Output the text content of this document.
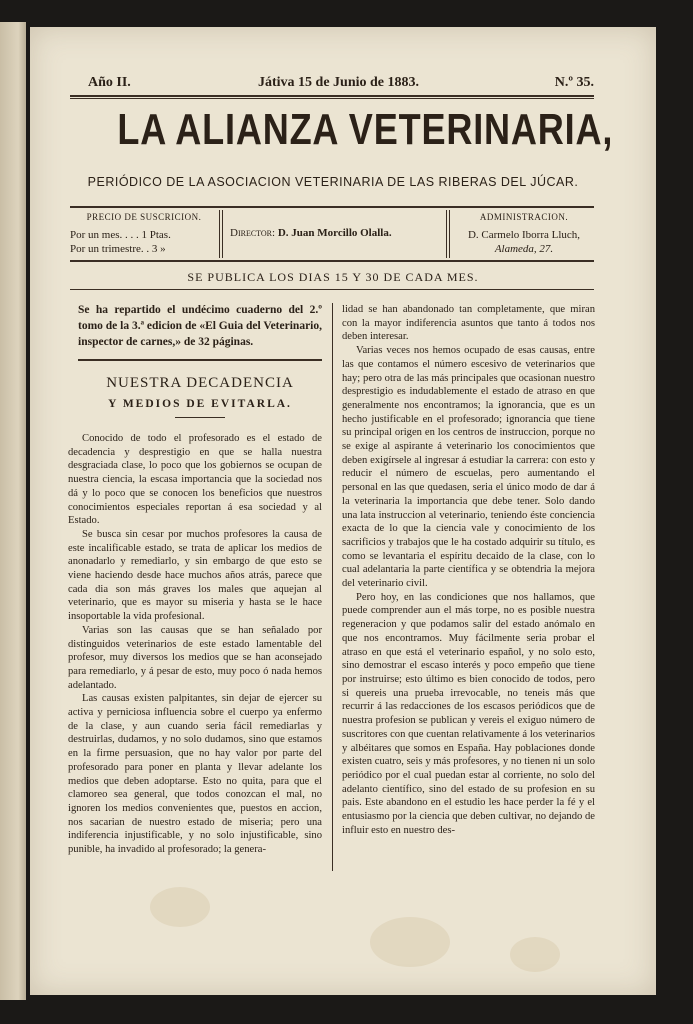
Año II.	Játiva 15 de Junio de 1883.	N.º 35.
LA ALIANZA VETERINARIA,
PERIÓDICO DE LA ASOCIACION VETERINARIA DE LAS RIBERAS DEL JÚCAR.
PRECIO DE SUSCRICION.
Por un mes. . . . 1 Ptas.
Por un trimestre. . 3 »
Director: D. Juan Morcillo Olalla.
ADMINISTRACION.
D. Carmelo Iborra Lluch,
Alameda, 27.
SE PUBLICA LOS DIAS 15 Y 30 DE CADA MES.
Se ha repartido el undécimo cuaderno del 2.º tomo de la 3.ª edicion de «El Guia del Veterinario, inspector de carnes,» de 32 páginas.
NUESTRA DECADENCIA
Y MEDIOS DE EVITARLA.

Conocido de todo el profesorado es el estado de decadencia y desprestigio en que se halla nuestra desgraciada clase, lo poco que los gobiernos se ocupan de nuestra ciencia, la escasa importancia que la sociedad nos dá y lo poco que se conocen los beneficios que nuestros conocimientos especiales reportan á esa sociedad y al Estado.

Se busca sin cesar por muchos profesores la causa de este incalificable estado, se trata de aplicar los medios de anonadarlo y remediarlo, y sin embargo de que esto se viene haciendo desde hace muchos años atrás, parece que cada dia son más graves los males que aquejan al veterinario, que es mayor su miseria y hasta se le hace insoportable la vida profesional.

Varias son las causas que se han señalado por distinguidos veterinarios de este estado lamentable del profesor, muy diversos los medios que se han aconsejado para remediarlo, y á pesar de esto, muy poco ó nada hemos adelantado.

Las causas existen palpitantes, sin dejar de ejercer su activa y perniciosa influencia sobre el cuerpo ya enfermo de la clase, y aun cuando seria fácil remediarlas y destruirlas, dudamos, y no solo dudamos, sino que estamos en la firme persuasion, que no hay valor por parte del profesorado para poner en planta y llevar adelante los medios que deben adoptarse. Esto no quita, para que el clamoreo sea general, que todos conozcan el mal, no ignoren los medios convenientes que, puestos en accion, nos sacarian de nuestro estado de miseria; pero una indiferencia injustificable, y no solo injustificable, sino punible, ha invadido al profesorado; la genera-

lidad se han abandonado tan completamente, que miran con la mayor indiferencia asuntos que tanto á todos nos deben interesar.

Varias veces nos hemos ocupado de esas causas, entre las que contamos el número escesivo de veterinarios que hay; pero otra de las más principales que ocasionan nuestro desprestigio es indudablemente el estado de atraso en que generalmente nos encontramos; la ignorancia, que es un hecho justificable en el profesorado; ignorancia que tiene su principal origen en los centros de instruccion, porque no se exige al aspirante á veterinario los conocimientos que deben exigírsele al ingresar á estudiar la carrera: con esto y reducir el número de escuelas, pero aumentando el personal en las que quedasen, seria el único modo de dar á la veterinaria la importancia que debe tener. Solo dando una lata instruccion al veterinario, teniendo éste conciencia exacta de lo que la ciencia vale y conocimiento de los sacrificios y trabajos que le ha costado adquirir su título, es como se levantaria el espíritu decaido de la clase, con lo cual adelantaria la parte científica y se obtendria la mejora del veterinario civil.

Pero hoy, en las condiciones que nos hallamos, que puede comprender aun el más torpe, no es posible nuestra regeneracion y que podamos salir del estado anómalo en que nos encontramos. Muy fácilmente seria probar el atraso en que está el veterinario español, y no solo esto, sino demostrar el escaso interés y poco empeño que tiene por instruirse; esto último es bien conocido de todos, pero si quereis una prueba irrevocable, no teneis más que recurrir á las redacciones de los escasos periódicos que de nuestra profesion se publican y vereis el exiguo número de suscritores con que cuentan relativamente á los veterinarios y albéitares que somos en España. Hay poblaciones donde existen cuatro, seis y más profesores, y no tienen ni un solo periódico por el cual puedan estar al corriente, no solo del adelanto científico, sino del estado de su profesion en su pais. Este abandono en el estudio les hace perder la fé y el entusiasmo por la ciencia que deben cultivar, no dejando de influir esto en nuestro des-
